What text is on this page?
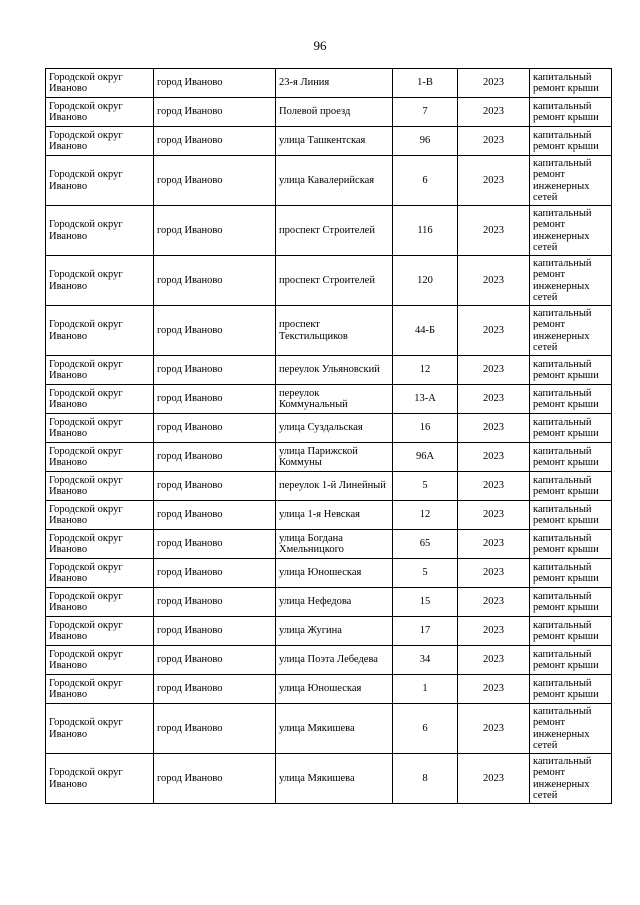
96
Городской округ Иваново	город Иваново	23-я Линия	1-В	2023	капитальный ремонт крыши
Городской округ Иваново	город Иваново	Полевой проезд	7	2023	капитальный ремонт крыши
Городской округ Иваново	город Иваново	улица Ташкентская	96	2023	капитальный ремонт крыши
Городской округ Иваново	город Иваново	улица Кавалерийская	6	2023	капитальный ремонт инженерных сетей
Городской округ Иваново	город Иваново	проспект Строителей	116	2023	капитальный ремонт инженерных сетей
Городской округ Иваново	город Иваново	проспект Строителей	120	2023	капитальный ремонт инженерных сетей
Городской округ Иваново	город Иваново	проспект Текстильщиков	44-Б	2023	капитальный ремонт инженерных сетей
Городской округ Иваново	город Иваново	переулок Ульяновский	12	2023	капитальный ремонт крыши
Городской округ Иваново	город Иваново	переулок Коммунальный	13-А	2023	капитальный ремонт крыши
Городской округ Иваново	город Иваново	улица Суздальская	16	2023	капитальный ремонт крыши
Городской округ Иваново	город Иваново	улица Парижской Коммуны	96А	2023	капитальный ремонт крыши
Городской округ Иваново	город Иваново	переулок 1-й Линейный	5	2023	капитальный ремонт крыши
Городской округ Иваново	город Иваново	улица 1-я Невская	12	2023	капитальный ремонт крыши
Городской округ Иваново	город Иваново	улица Богдана Хмельницкого	65	2023	капитальный ремонт крыши
Городской округ Иваново	город Иваново	улица Юношеская	5	2023	капитальный ремонт крыши
Городской округ Иваново	город Иваново	улица Нефедова	15	2023	капитальный ремонт крыши
Городской округ Иваново	город Иваново	улица Жугина	17	2023	капитальный ремонт крыши
Городской округ Иваново	город Иваново	улица Поэта Лебедева	34	2023	капитальный ремонт крыши
Городской округ Иваново	город Иваново	улица Юношеская	1	2023	капитальный ремонт крыши
Городской округ Иваново	город Иваново	улица Мякишева	6	2023	капитальный ремонт инженерных сетей
Городской округ Иваново	город Иваново	улица Мякишева	8	2023	капитальный ремонт инженерных сетей
